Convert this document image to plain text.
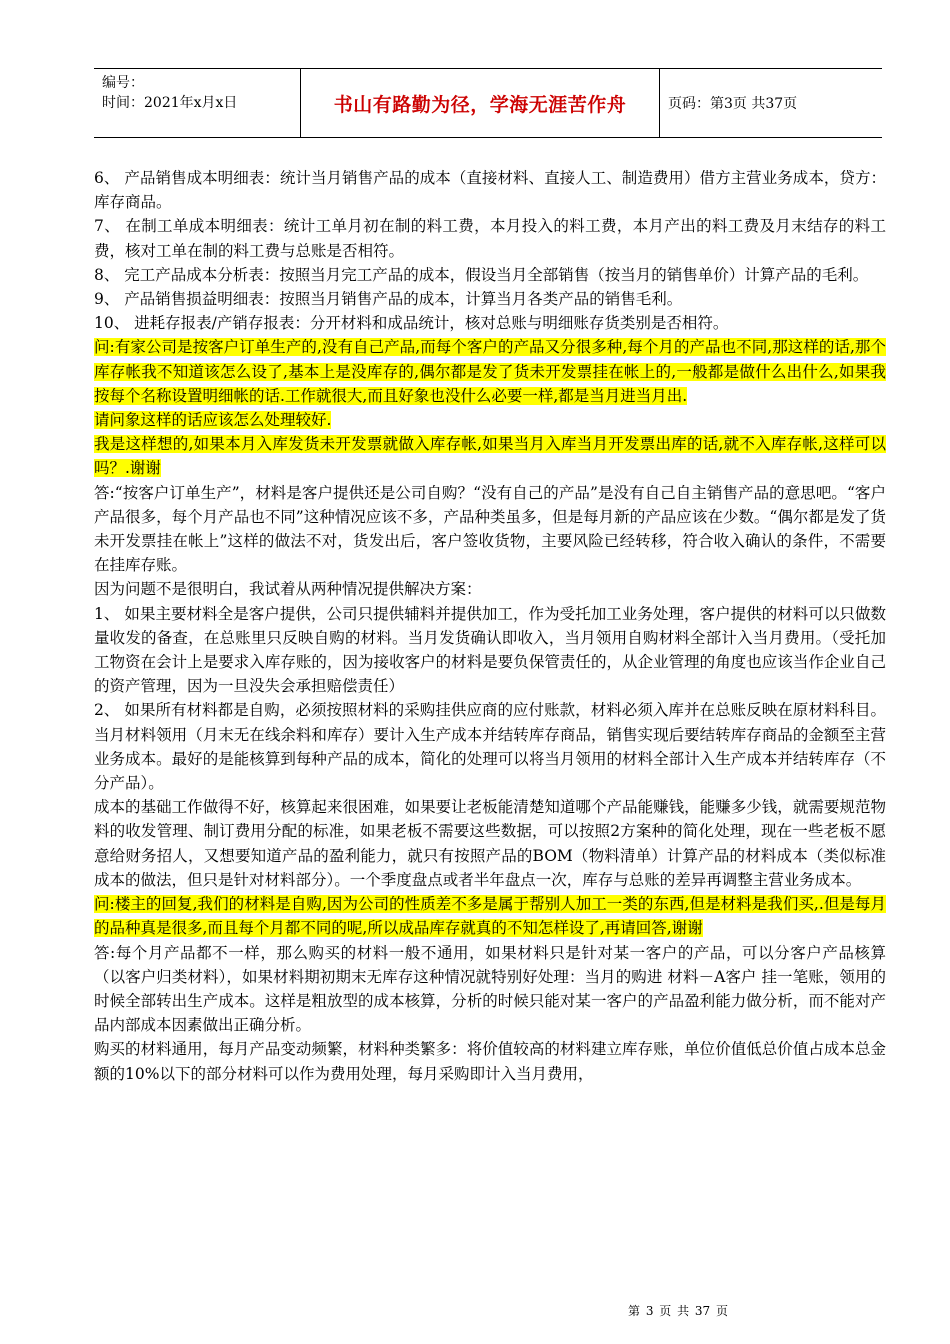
编号：
时间：2021年x月x日	书山有路勤为径，学海无涯苦作舟	页码：第3页 共37页

6、 产品销售成本明细表：统计当月销售产品的成本（直接材料、直接人工、制造费用）借方主营业务成本，贷方：库存商品。

7、 在制工单成本明细表：统计工单月初在制的料工费，本月投入的料工费，本月产出的料工费及月末结存的料工费，核对工单在制的料工费与总账是否相符。

8、 完工产品成本分析表：按照当月完工产品的成本，假设当月全部销售（按当月的销售单价）计算产品的毛利。

9、 产品销售损益明细表：按照当月销售产品的成本，计算当月各类产品的销售毛利。

10、 进耗存报表/产销存报表：分开材料和成品统计，核对总账与明细账存货类别是否相符。

问:有家公司是按客户订单生产的,没有自己产品,而每个客户的产品又分很多种,每个月的产品也不同,那这样的话,那个库存帐我不知道该怎么设了,基本上是没库存的,偶尔都是发了货未开发票挂在帐上的,一般都是做什么出什么,如果我按每个名称设置明细帐的话.工作就很大,而且好象也没什么必要一样,都是当月进当月出.

请问象这样的话应该怎么处理较好.

我是这样想的,如果本月入库发货未开发票就做入库存帐,如果当月入库当月开发票出库的话,就不入库存帐,这样可以吗？.谢谢

答:“按客户订单生产”，材料是客户提供还是公司自购？“没有自己的产品”是没有自己自主销售产品的意思吧。“客户产品很多，每个月产品也不同”这种情况应该不多，产品种类虽多，但是每月新的产品应该在少数。“偶尔都是发了货未开发票挂在帐上”这样的做法不对，货发出后，客户签收货物，主要风险已经转移，符合收入确认的条件，不需要在挂库存账。

因为问题不是很明白，我试着从两种情况提供解决方案：

1、 如果主要材料全是客户提供，公司只提供辅料并提供加工，作为受托加工业务处理，客户提供的材料可以只做数量收发的备查，在总账里只反映自购的材料。当月发货确认即收入，当月领用自购材料全部计入当月费用。（受托加工物资在会计上是要求入库存账的，因为接收客户的材料是要负保管责任的，从企业管理的角度也应该当作企业自己的资产管理，因为一旦没失会承担赔偿责任）

2、 如果所有材料都是自购，必须按照材料的采购挂供应商的应付账款，材料必须入库并在总账反映在原材料科目。当月材料领用（月末无在线余料和库存）要计入生产成本并结转库存商品，销售实现后要结转库存商品的金额至主营业务成本。最好的是能核算到每种产品的成本，简化的处理可以将当月领用的材料全部计入生产成本并结转库存（不分产品）。

成本的基础工作做得不好，核算起来很困难，如果要让老板能清楚知道哪个产品能赚钱，能赚多少钱，就需要规范物料的收发管理、制订费用分配的标准，如果老板不需要这些数据，可以按照2方案种的简化处理，现在一些老板不愿意给财务招人，又想要知道产品的盈利能力，就只有按照产品的BOM（物料清单）计算产品的材料成本（类似标准成本的做法，但只是针对材料部分）。一个季度盘点或者半年盘点一次，库存与总账的差异再调整主营业务成本。

问:楼主的回复,我们的材料是自购,因为公司的性质差不多是属于帮别人加工一类的东西,但是材料是我们买,.但是每月的品种真是很多,而且每个月都不同的呢,所以成品库存就真的不知怎样设了,再请回答,谢谢

答:每个月产品都不一样，那么购买的材料一般不通用，如果材料只是针对某一客户的产品，可以分客户产品核算（以客户归类材料），如果材料期初期末无库存这种情况就特别好处理：当月的购进 材料－A客户 挂一笔账，领用的时候全部转出生产成本。这样是粗放型的成本核算，分析的时候只能对某一客户的产品盈利能力做分析，而不能对产品内部成本因素做出正确分析。

购买的材料通用，每月产品变动频繁，材料种类繁多：将价值较高的材料建立库存账，单位价值低总价值占成本总金额的10%以下的部分材料可以作为费用处理，每月采购即计入当月费用，

第 3 页 共 37 页
